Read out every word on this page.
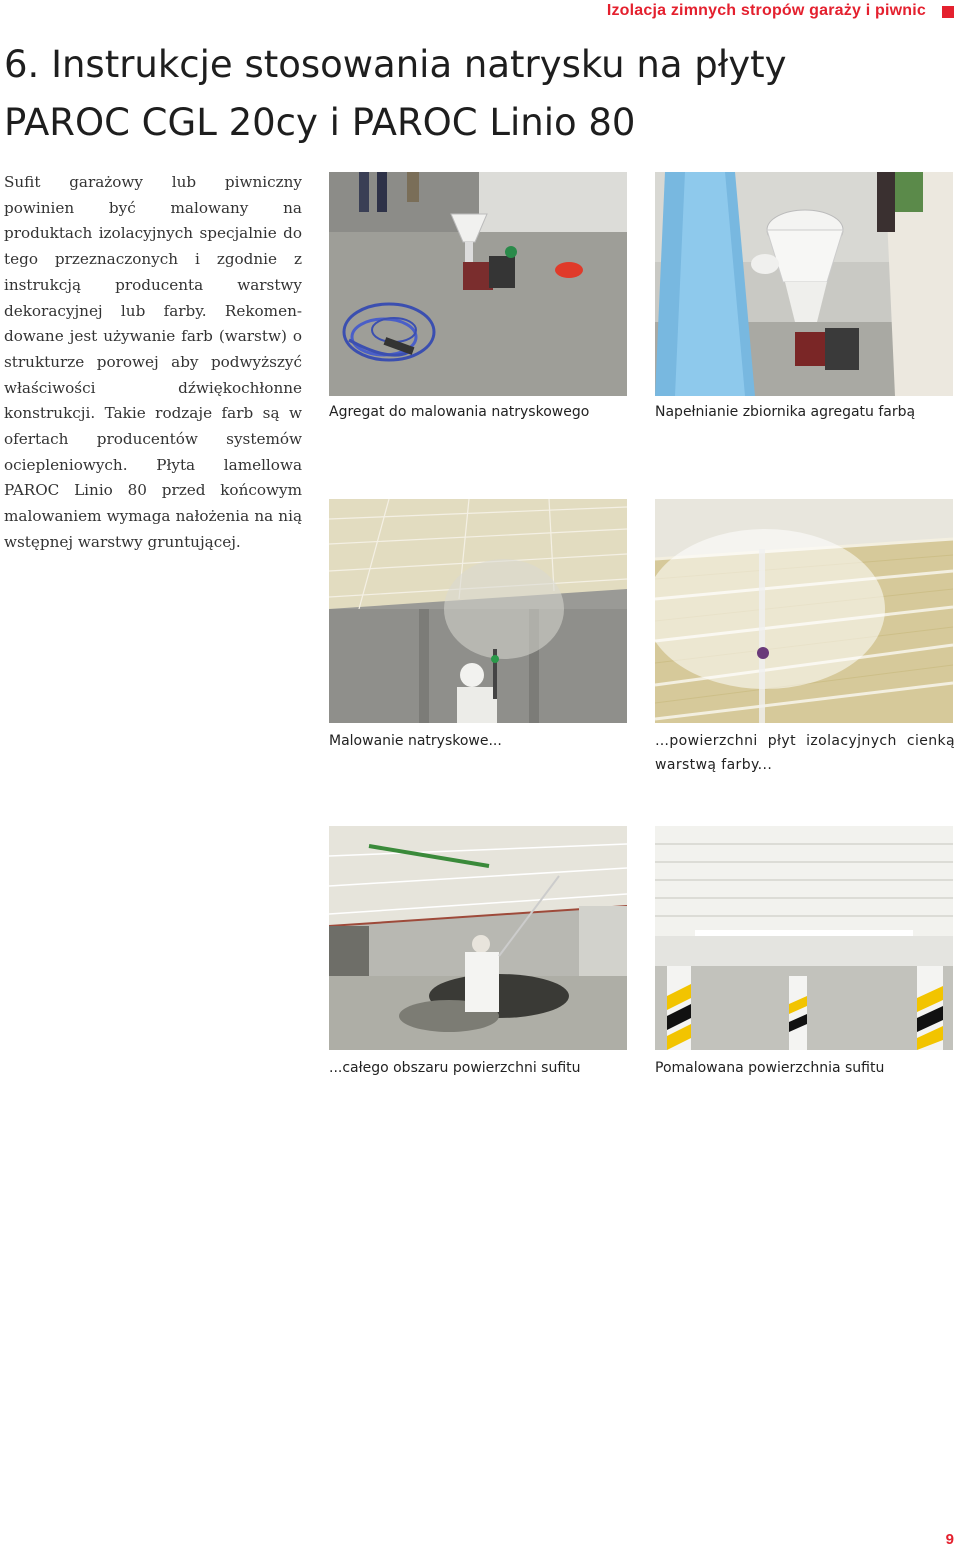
Izolacja zimnych stropów garaży i piwnic
6. Instrukcje stosowania natrysku na płyty
PAROC CGL 20cy i PAROC Linio 80

Sufit garażowy lub piwniczny powinien być malowany na produktach izolacyjnych specjalnie do tego przeznaczonych i zgodnie z instrukcją producenta warstwy dekoracyjnej lub farby. Rekomendowane jest używanie farb (warstw) o strukturze porowej aby podwyższyć właściwości dźwiękochłonne konstrukcji. Takie rodzaje farb są w ofertach producentów systemów ociepleniowych. Płyta lamellowa PAROC Linio 80 przed końcowym malowaniem wymaga nałożenia na nią wstępnej warstwy gruntującej.

Agregat do malowania natryskowego	Napełnianie zbiornika agregatu farbą

Malowanie natryskowe...	…powierzchni płyt izolacyjnych cienką warstwą farby...

...całego obszaru powierzchni sufitu	Pomalowana powierzchnia sufitu

9
